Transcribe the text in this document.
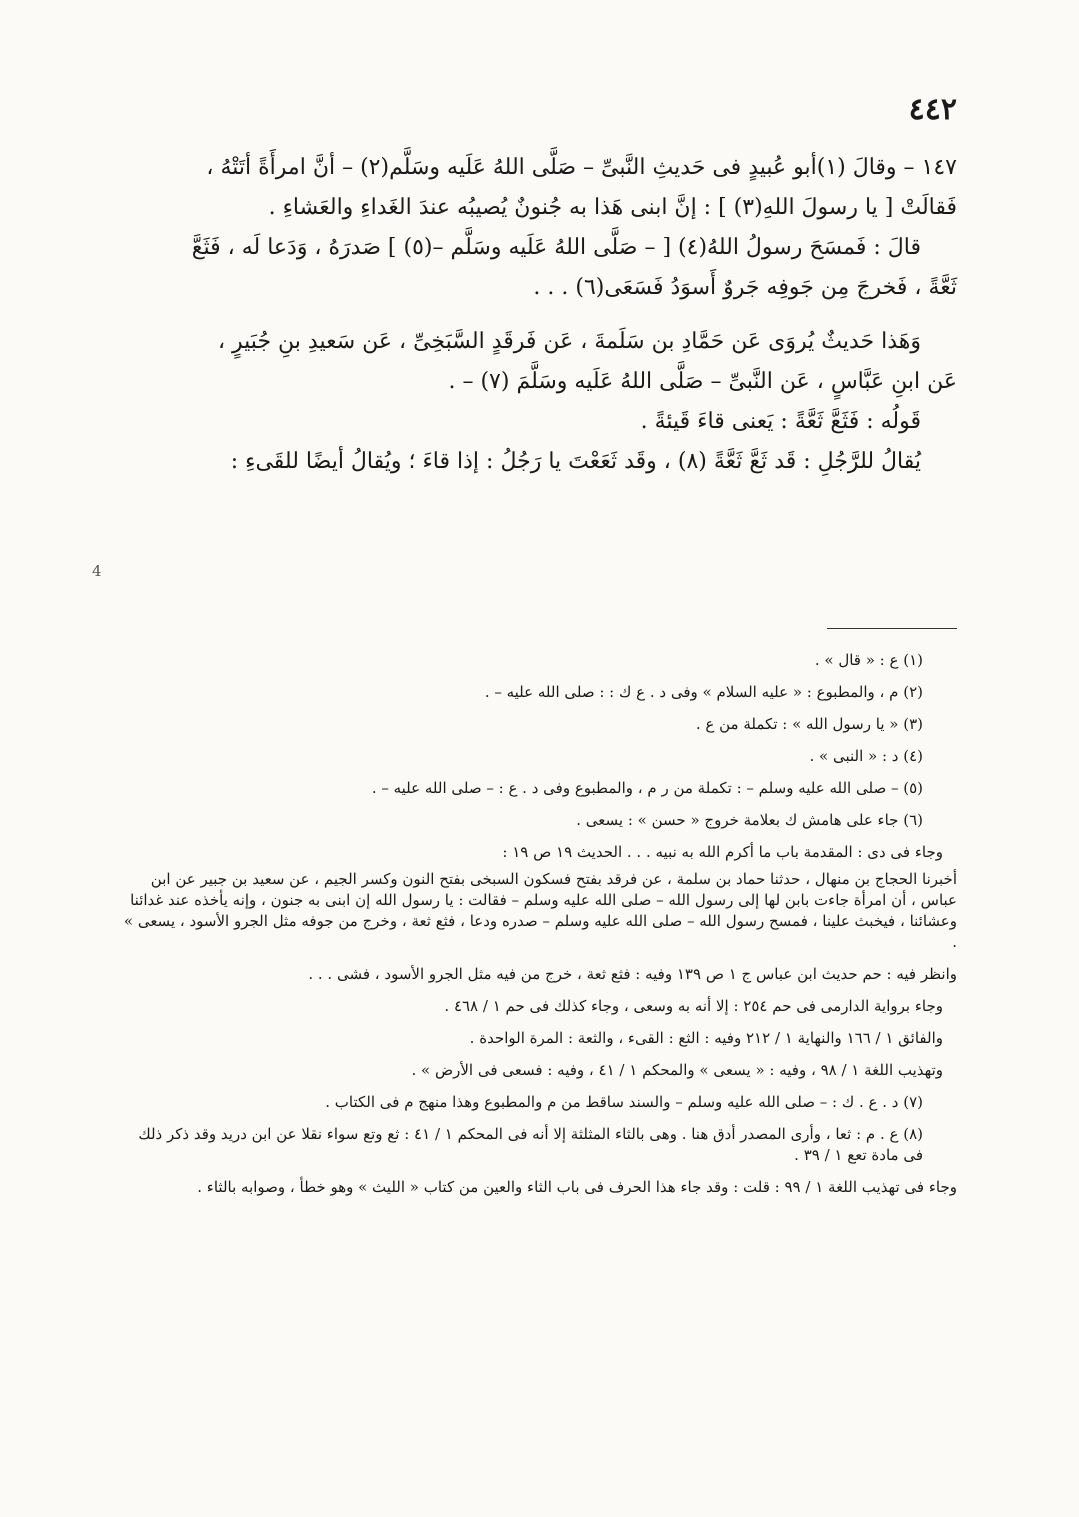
٤٤٢

١٤٧ – وقالَ (١)أبو عُبيدٍ فى حَديثِ النَّبىِّ – صَلَّى اللهُ عَلَيه وسَلَّم(٢) – أنَّ امرأَةً أتَتْهُ ،

فَقالَتْ [ يا رسولَ اللهِ(٣) ] : إنَّ ابنى هَذا به جُنونٌ يُصيبُه عندَ الغَداءِ والعَشاءِ .

قالَ : فَمسَحَ رسولُ اللهُ(٤) [ – صَلَّى اللهُ عَلَيه وسَلَّم –(٥) ] صَدرَهُ ، وَدَعا لَه ، فَثَعَّ

ثَعَّةً ، فَخرجَ مِن جَوفِه جَروٌ أَسوَدُ فَسَعَى(٦) . . .

وَهَذا حَديثٌ يُروَى عَن حَمَّادِ بن سَلَمةَ ، عَن فَرقَدٍ السَّبَخِىِّ ، عَن سَعيدِ بنِ جُبَيرٍ ،

عَن ابنِ عَبَّاسٍ ، عَن النَّبىِّ – صَلَّى اللهُ عَلَيه وسَلَّمَ (٧) – .

قَولُه : فَثَعَّ ثَعَّةً : يَعنى قاءَ قَيئةً .

يُقالُ للرَّجُلِ : قَد ثَعَّ ثَعَّةً (٨) ، وقَد ثَعَعْتَ يا رَجُلُ : إذا قاءَ ؛ ويُقالُ أيضًا للقَىءِ :

4

(١) ع : « قال » .

(٢) م ، والمطبوع : « عليه السلام » وفى د . ع ك : : صلى الله عليه – .

(٣) « يا رسول الله » : تكملة من ع .

(٤) د : « النبى » .

(٥) – صلى الله عليه وسلم – : تكملة من ر م ، والمطبوع وفى د . ع : – صلى الله عليه – .

(٦) جاء على هامش ك بعلامة خروج « حسن » : يسعى .

وجاء فى دى : المقدمة باب ما أكرم الله به نبيه . . . الحديث ١٩ ص ١٩ :

أخبرنا الحجاج بن منهال ، حدثنا حماد بن سلمة ، عن فرقد بفتح فسكون السبخى بفتح النون وكسر الجيم ، عن سعيد بن جبير عن ابن عباس ، أن امرأة جاءت بابن لها إلى رسول الله – صلى الله عليه وسلم – فقالت : يا رسول الله إن ابنى به جنون ، وإنه يأخذه عند غدائنا وعشائنا ، فيخبث علينا ، فمسح رسول الله – صلى الله عليه وسلم – صدره ودعا ، فثع ثعة ، وخرج من جوفه مثل الجرو الأسود ، يسعى » .

وانظر فيه : حم حديث ابن عباس ج ١ ص ١٣٩ وفيه : فثع ثعة ، خرج من فيه مثل الجرو الأسود ، فشى . . .

وجاء برواية الدارمى فى حم ٢٥٤ : إلا أنه به وسعى ، وجاء كذلك فى حم ١ / ٤٦٨ .

والفائق ١ / ١٦٦ والنهاية ١ / ٢١٢ وفيه : الثع : القىء ، والثعة : المرة الواحدة .

وتهذيب اللغة ١ / ٩٨ ، وفيه : « يسعى » والمحكم ١ / ٤١ ، وفيه : فسعى فى الأرض » .

(٧) د . ع . ك : – صلى الله عليه وسلم – والسند ساقط من م والمطبوع وهذا منهج م فى الكتاب .

(٨) ع . م : ثعا ، وأرى المصدر أدق هنا . وهى بالثاء المثلثة إلا أنه فى المحكم ١ / ٤١ : ثع وتع سواء نقلا عن ابن دريد وقد ذكر ذلك فى مادة تعع ١ / ٣٩ .

وجاء فى تهذيب اللغة ١ / ٩٩ : قلت : وقد جاء هذا الحرف فى باب الثاء والعين من كتاب « الليث » وهو خطأ ، وصوابه بالثاء .
